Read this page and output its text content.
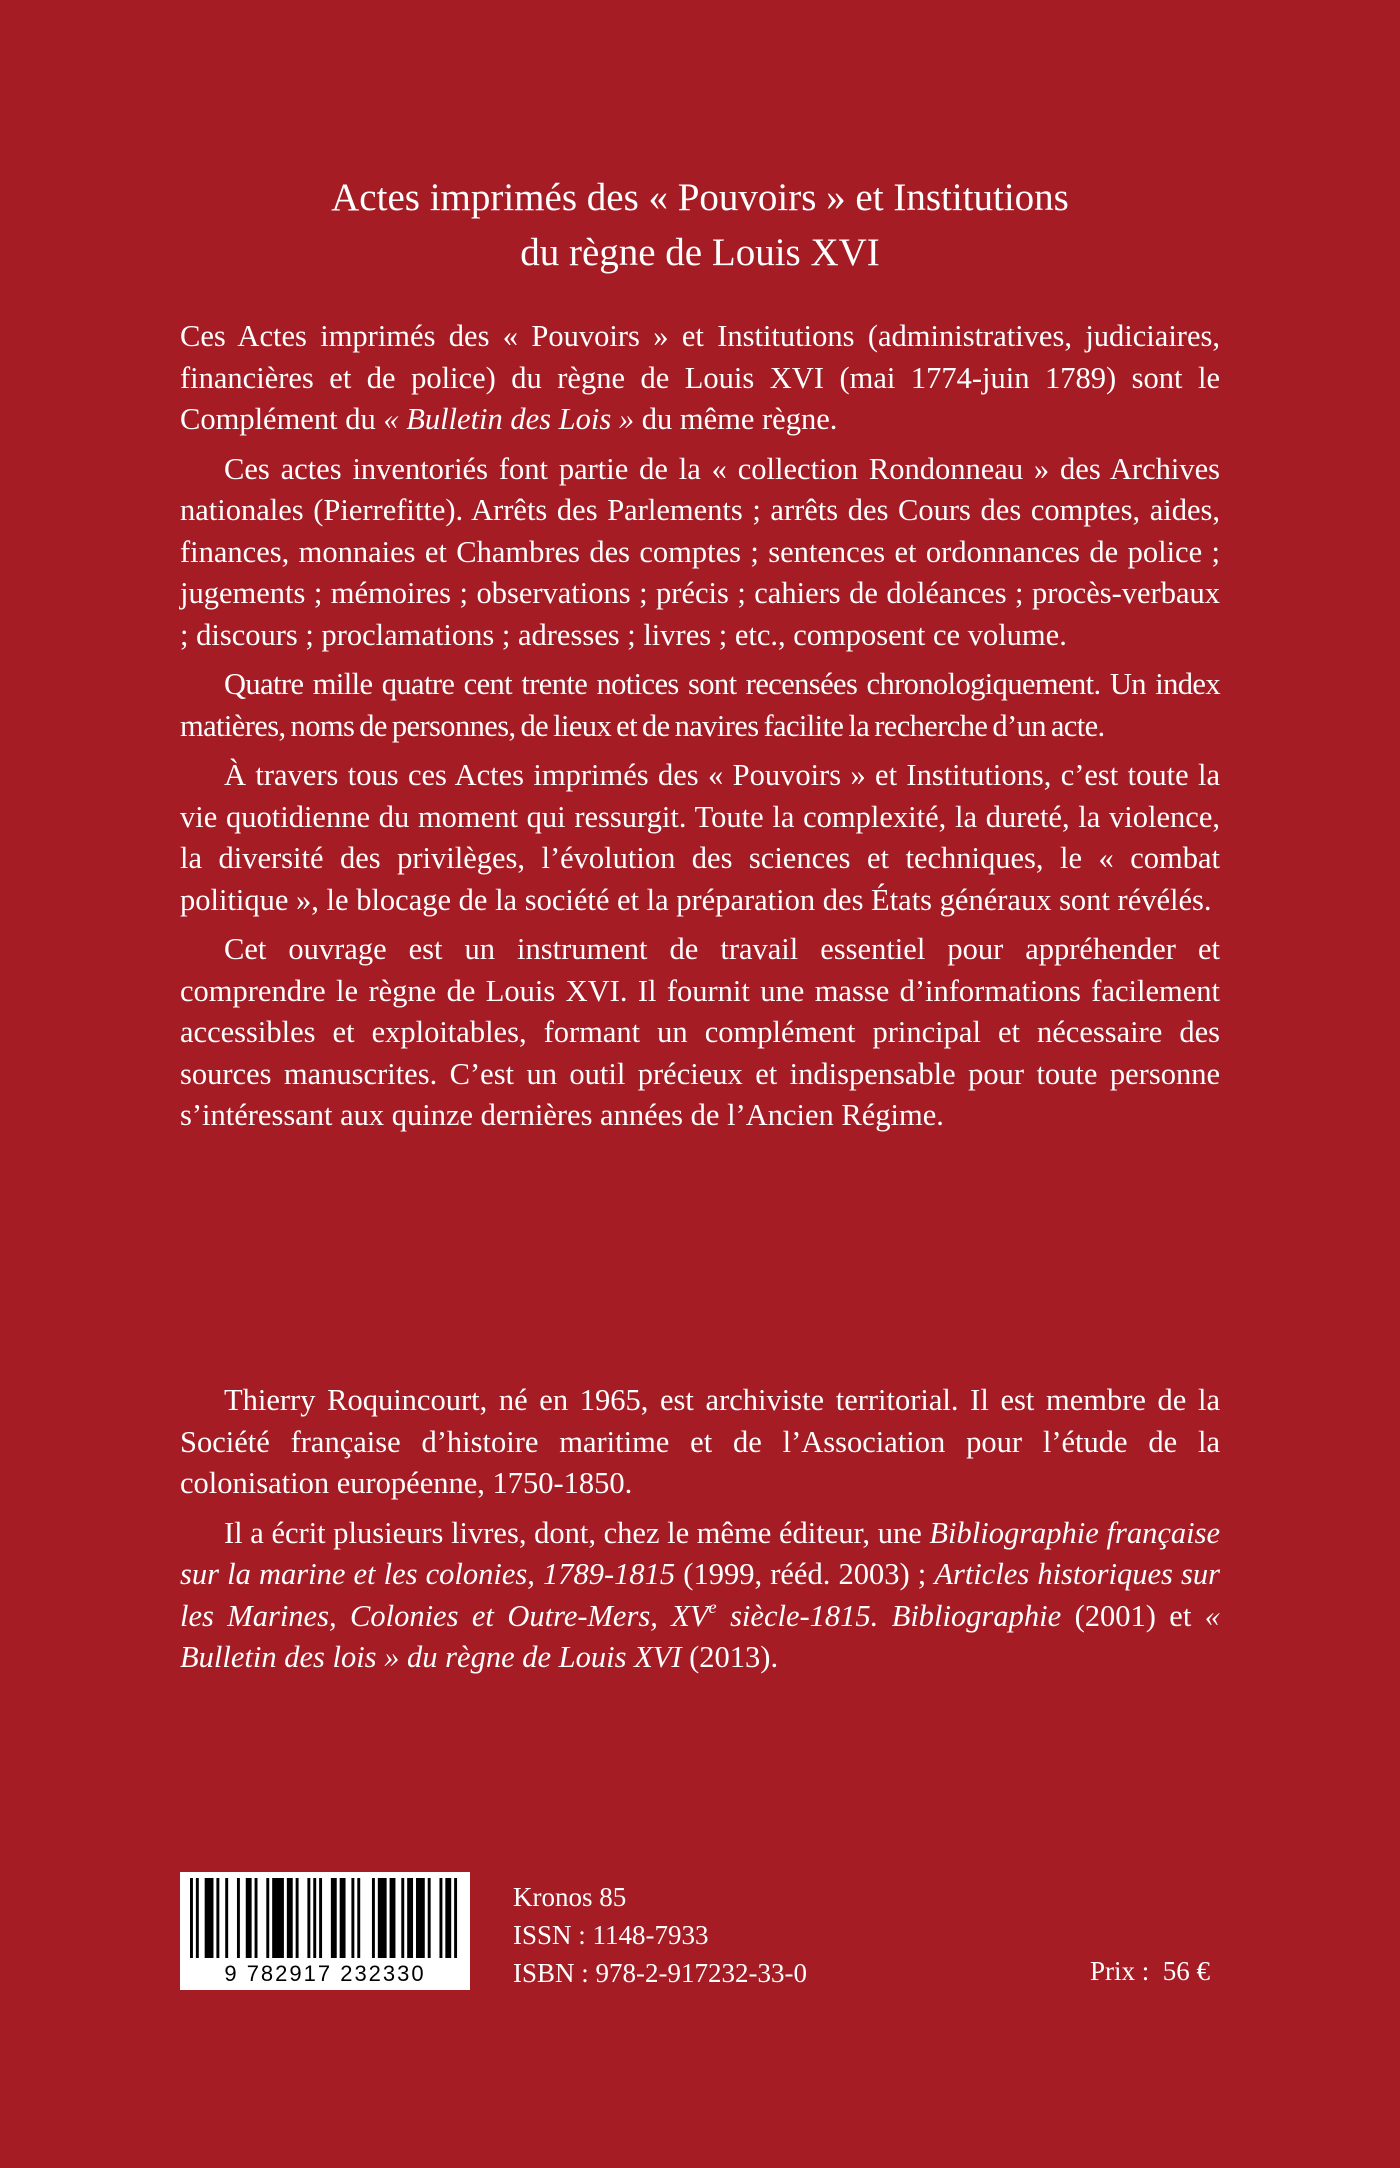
Actes imprimés des « Pouvoirs » et Institutions
du règne de Louis XVI

Ces Actes imprimés des « Pouvoirs » et Institutions (administratives, judiciaires, financières et de police) du règne de Louis XVI (mai 1774-juin 1789) sont le Complément du « Bulletin des Lois » du même règne.

Ces actes inventoriés font partie de la « collection Rondonneau » des Archives nationales (Pierrefitte). Arrêts des Parlements ; arrêts des Cours des comptes, aides, finances, monnaies et Chambres des comptes ; sentences et ordonnances de police ; jugements ; mémoires ; observations ; précis ; cahiers de doléances ; procès-verbaux ; discours ; proclamations ; adresses ; livres ; etc., composent ce volume.

Quatre mille quatre cent trente notices sont recensées chronologiquement. Un index matières, noms de personnes, de lieux et de navires facilite la recherche d’un acte.

À travers tous ces Actes imprimés des « Pouvoirs » et Institutions, c’est toute la vie quotidienne du moment qui ressurgit. Toute la complexité, la dureté, la violence, la diversité des privilèges, l’évolution des sciences et techniques, le « combat politique », le blocage de la société et la préparation des États généraux sont révélés.

Cet ouvrage est un instrument de travail essentiel pour appréhender et comprendre le règne de Louis XVI. Il fournit une masse d’informations facilement accessibles et exploitables, formant un complément principal et nécessaire des sources manuscrites. C’est un outil précieux et indispensable pour toute personne s’intéressant aux quinze dernières années de l’Ancien Régime.

Thierry Roquincourt, né en 1965, est archiviste territorial. Il est membre de la Société française d’histoire maritime et de l’Association pour l’étude de la colonisation européenne, 1750-1850.

Il a écrit plusieurs livres, dont, chez le même éditeur, une Bibliographie française sur la marine et les colonies, 1789-1815 (1999, rééd. 2003) ; Articles historiques sur les Marines, Colonies et Outre-Mers, XVe siècle-1815. Bibliographie (2001) et « Bulletin des lois » du règne de Louis XVI (2013).

9 782917 232330
Kronos 85
ISSN : 1148-7933
ISBN : 978-2-917232-33-0	Prix : 56 €
